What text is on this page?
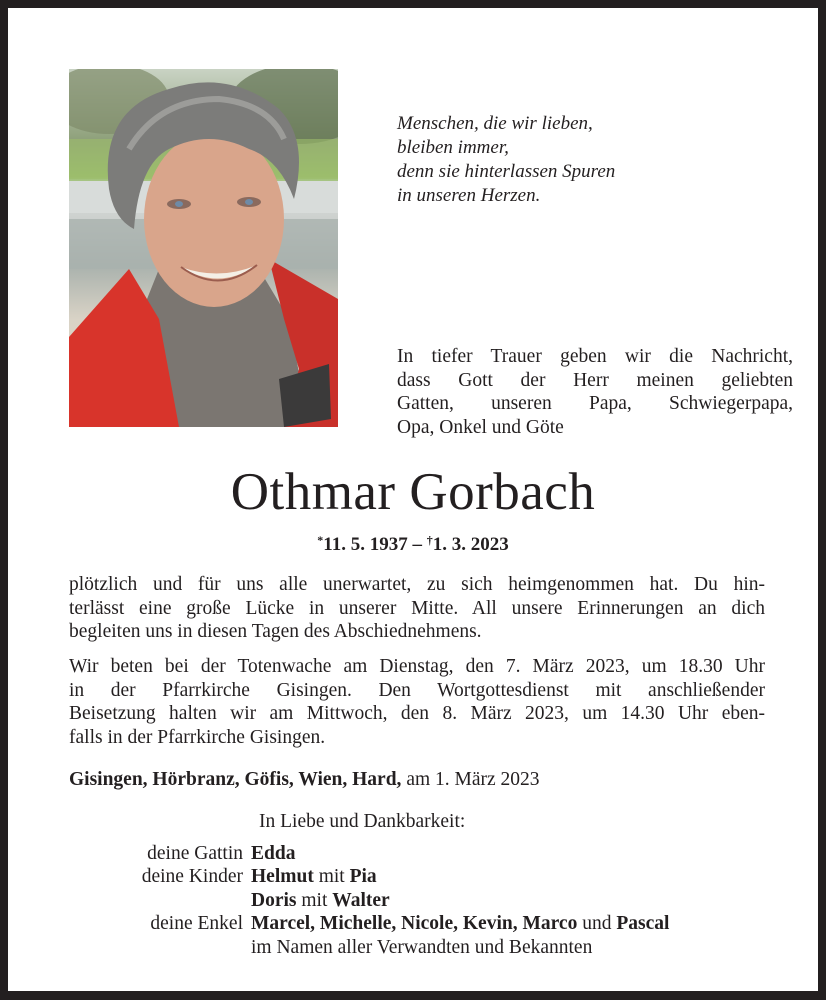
Menschen, die wir lieben,
bleiben immer,
denn sie hinterlassen Spuren
in unseren Herzen.
In tiefer Trauer geben wir die Nachricht,
dass Gott der Herr meinen geliebten
Gatten, unseren Papa, Schwiegerpapa,
Opa, Onkel und Göte
Othmar Gorbach
*11. 5. 1937 – †1. 3. 2023
plötzlich und für uns alle unerwartet, zu sich heimgenommen hat. Du hin-
terlässt eine große Lücke in unserer Mitte. All unsere Erinnerungen an dich
begleiten uns in diesen Tagen des Abschiednehmens.
Wir beten bei der Totenwache am Dienstag, den 7. März 2023, um 18.30 Uhr
in der Pfarrkirche Gisingen. Den Wortgottesdienst mit anschließender
Beisetzung halten wir am Mittwoch, den 8. März 2023, um 14.30 Uhr eben-
falls in der Pfarrkirche Gisingen.
Gisingen, Hörbranz, Göfis, Wien, Hard, am 1. März 2023
In Liebe und Dankbarkeit:
deine Gattin Edda
deine Kinder Helmut mit Pia
Doris mit Walter
deine Enkel Marcel, Michelle, Nicole, Kevin, Marco und Pascal
im Namen aller Verwandten und Bekannten
